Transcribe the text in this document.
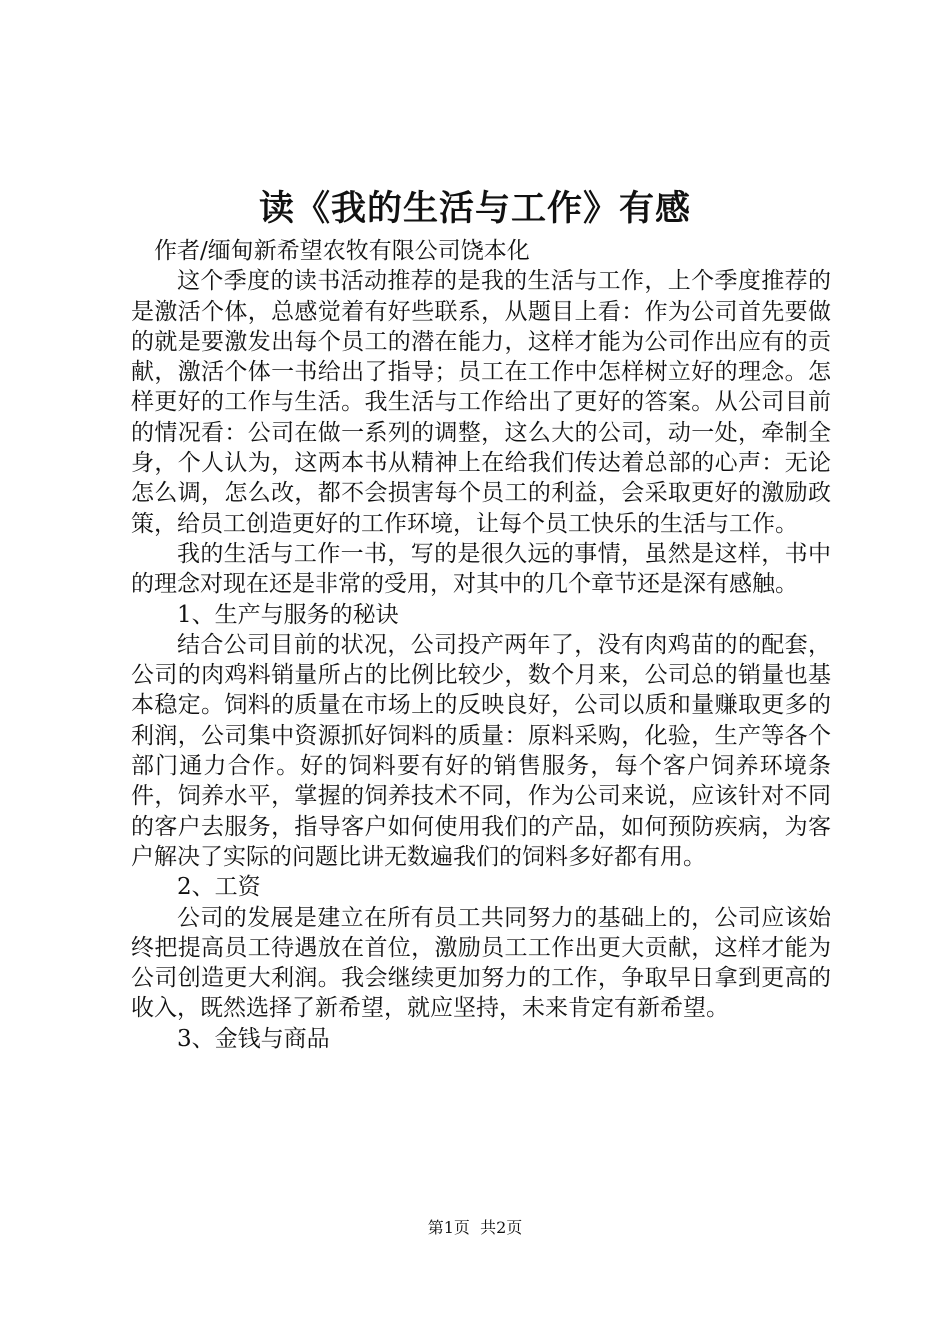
读《我的生活与工作》有感

作者/缅甸新希望农牧有限公司饶本化

这个季度的读书活动推荐的是我的生活与工作，上个季度推荐的是激活个体，总感觉着有好些联系，从题目上看：作为公司首先要做的就是要激发出每个员工的潜在能力，这样才能为公司作出应有的贡献，激活个体一书给出了指导；员工在工作中怎样树立好的理念。怎样更好的工作与生活。我生活与工作给出了更好的答案。从公司目前的情况看：公司在做一系列的调整，这么大的公司，动一处，牵制全身，个人认为，这两本书从精神上在给我们传达着总部的心声：无论怎么调，怎么改，都不会损害每个员工的利益，会采取更好的激励政策，给员工创造更好的工作环境，让每个员工快乐的生活与工作。

我的生活与工作一书，写的是很久远的事情，虽然是这样，书中的理念对现在还是非常的受用，对其中的几个章节还是深有感触。

1、生产与服务的秘诀

结合公司目前的状况，公司投产两年了，没有肉鸡苗的的配套，公司的肉鸡料销量所占的比例比较少，数个月来，公司总的销量也基本稳定。饲料的质量在市场上的反映良好，公司以质和量赚取更多的利润，公司集中资源抓好饲料的质量：原料采购，化验，生产等各个部门通力合作。好的饲料要有好的销售服务，每个客户饲养环境条件，饲养水平，掌握的饲养技术不同，作为公司来说，应该针对不同的客户去服务，指导客户如何使用我们的产品，如何预防疾病，为客户解决了实际的问题比讲无数遍我们的饲料多好都有用。

2、工资

公司的发展是建立在所有员工共同努力的基础上的，公司应该始终把提高员工待遇放在首位，激励员工工作出更大贡献，这样才能为公司创造更大利润。我会继续更加努力的工作，争取早日拿到更高的收入，既然选择了新希望，就应坚持，未来肯定有新希望。

3、金钱与商品

第1页 共2页
